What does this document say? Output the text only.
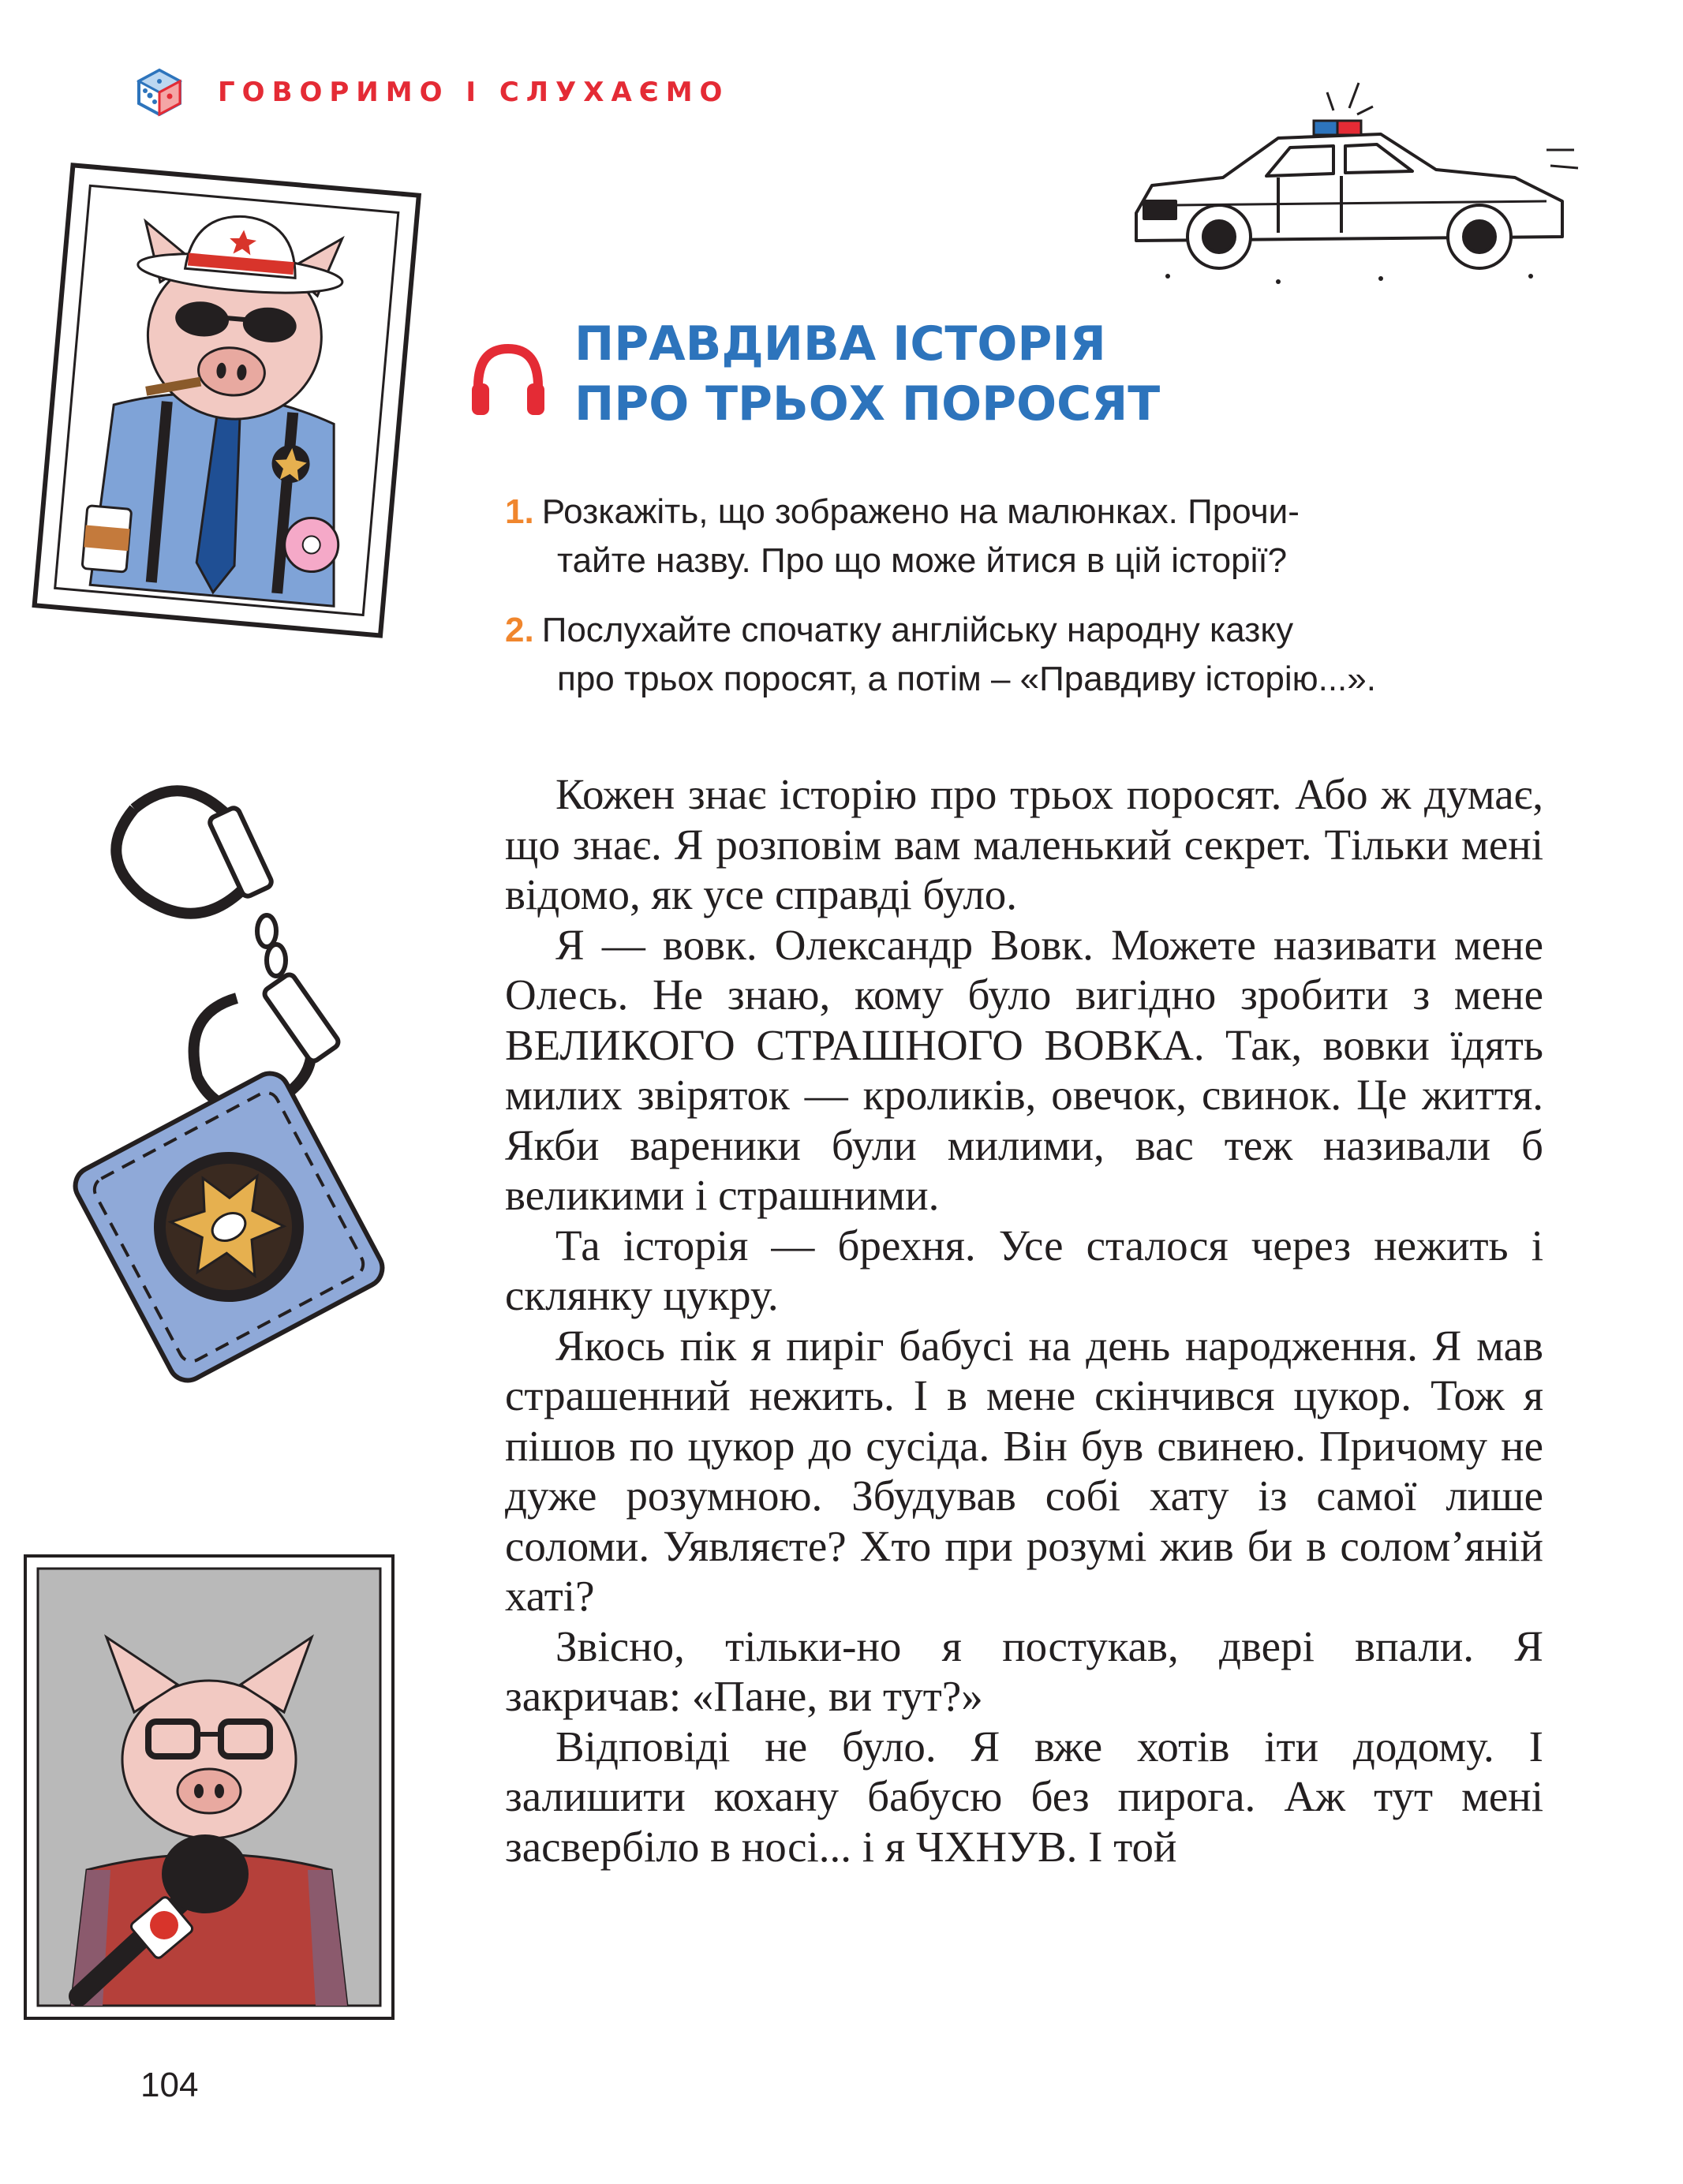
ГОВОРИМО І СЛУХАЄМО
ПРАВДИВА ІСТОРІЯ
ПРО ТРЬОХ ПОРОСЯТ
1. Розкажіть, що зображено на малюнках. Прочи-
тайте назву. Про що може йтися в цій історії?
2. Послухайте спочатку англійську народну казку
про трьох поросят, а потім – «Правдиву історію...».

Кожен знає історію про трьох поросят. Або ж думає, що знає. Я розповім вам маленький секрет. Тільки мені відомо, як усе справді було.

Я — вовк. Олександр Вовк. Можете називати мене Олесь. Не знаю, кому було вигідно зробити з мене ВЕЛИКОГО СТРАШНОГО ВОВКА. Так, вовки їдять милих звіряток — кроликів, овечок, свинок. Це життя. Якби вареники були милими, вас теж називали б великими і страшними.

Та історія — брехня. Усе сталося через нежить і склянку цукру.

Якось пік я пиріг бабусі на день народження. Я мав страшенний нежить. І в мене скінчився цукор. Тож я пішов по цукор до сусіда. Він був свинею. Причому не дуже розумною. Збудував собі хату із самої лише соломи. Уявляєте? Хто при розумі жив би в солом’яній хаті?

Звісно, тільки-но я постукав, двері впали. Я закричав: «Пане, ви тут?»

Відповіді не було. Я вже хотів іти додому. І залишити кохану бабусю без пирога. Аж тут мені засвербіло в носі... і я ЧХНУВ. І той

104
